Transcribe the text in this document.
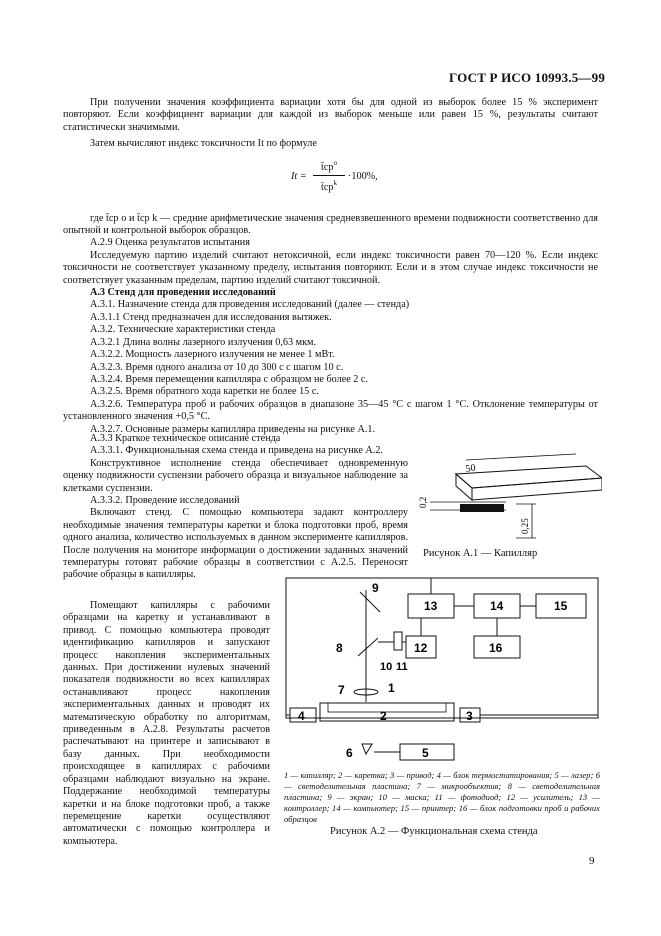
ГОСТ Р ИСО 10993.5—99

При получении значения коэффициента вариации хотя бы для одной из выборок более 15 % эксперимент повторяют. Если коэффициент вариации для каждой из выборок меньше или равен 15 %, результаты считают статистически значимыми.

Затем вычисляют индекс токсичности It по формуле

It =
$t̄ср^о$
$t̄ср^k$
·100%,

где t̄ср о и t̄ср k — средние арифметические значения средневзвешенного времени подвижности соответственно для опытной и контрольной выборок образцов.

А.2.9 Оценка результатов испытания

Исследуемую партию изделий считают нетоксичной, если индекс токсичности равен 70—120 %. Если индекс токсичности не соответствует указанному пределу, испытания повторяют. Если и в этом случае индекс токсичности не соответствует указанным пределам, партию изделий считают токсичной.

А.3 Стенд для проведения исследований

А.3.1. Назначение стенда для проведения исследований (далее — стенда)

А.3.1.1 Стенд предназначен для исследования вытяжек.

А.3.2. Технические характеристики стенда

А.3.2.1 Длина волны лазерного излучения 0,63 мкм.

А.3.2.2. Мощность лазерного излучения не менее 1 мВт.

А.3.2.3. Время одного анализа от 10 до 300 с с шагом 10 с.

А.3.2.4. Время перемещения капилляра с образцом не более 2 с.

А.3.2.5. Время обратного хода каретки не более 15 с.

А.3.2.6. Температура проб и рабочих образцов в диапазоне 35—45 °С с шагом 1 °С. Отклонение температуры от установленного значения +0,5 °С.

А.3.2.7. Основные размеры капилляра приведены на рисунке А.1.

А.3.3 Краткое техническое описание стенда

А.3.3.1. Функциональная схема стенда и приведена на рисунке А.2.

Конструктивное исполнение стенда обеспечивает одновременную оценку подвижности суспензии рабочего образца и визуальное наблюдение за клетками суспензии.

А.3.3.2. Проведение исследований

Включают стенд. С помощью компьютера задают контроллеру необходимые значения температуры каретки и блока подготовки проб, время одного анализа, количество используемых в данном эксперименте капилляров. После получения на мониторе информации о достижении заданных значений температуры готовят рабочие образцы в соответствии с А.2.5. Переносят рабочие образцы в капилляры.

Помещают капилляры с рабочими образцами на каретку и устанавливают в привод. С помощью компьютера проводят идентификацию капилляров и запускают процесс накопления экспериментальных данных. При достижении нулевых значений показателя подвижности во всех капиллярах останавливают процесс накопления экспериментальных данных и проводят их математическую обработку по алгоритмам, приведенным в А.2.8. Результаты расчетов распечатывают на принтере и записывают в базу данных. При необходимости происходящее в капиллярах с рабочими образцами наблюдают визуально на экране. Поддержание необходимой температуры каретки и на блоке подготовки проб, а также перемещение каретки осуществляют автоматически с помощью контроллера и компьютера.

50
0,2
0,25
Рисунок А.1 — Капилляр
9
13	14	15
8	12	16
10 11
7	1
2	3
4
5
6
1 — капилляр; 2 — каретка; 3 — привод; 4 — блок термостатирования; 5 — лазер; 6 — светоделительная пластина; 7 — микрообъектив; 8 — светоделительная пластина; 9 — экран; 10 — маска; 11 — фотодиод; 12 — усилитель; 13 — контроллер; 14 — компьютер; 15 — принтер; 16 — блок подготовки проб и рабочих образцов
Рисунок А.2 — Функциональная схема стенда
9
